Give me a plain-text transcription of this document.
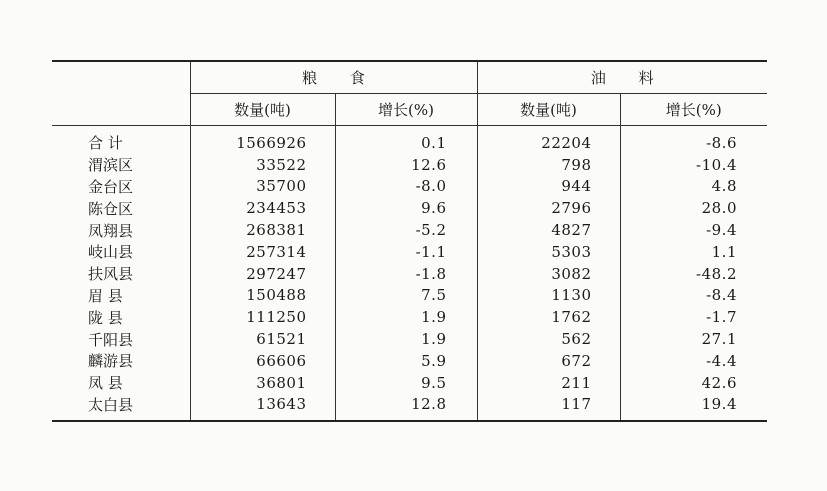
	粮 食		油 料	
	数量(吨)	增长(%)	数量(吨)	增长(%)
合 计	1566926	0.1	22204	-8.6
渭滨区	33522	12.6	798	-10.4
金台区	35700	-8.0	944	4.8
陈仓区	234453	9.6	2796	28.0
凤翔县	268381	-5.2	4827	-9.4
岐山县	257314	-1.1	5303	1.1
扶风县	297247	-1.8	3082	-48.2
眉 县	150488	7.5	1130	-8.4
陇 县	111250	1.9	1762	-1.7
千阳县	61521	1.9	562	27.1
麟游县	66606	5.9	672	-4.4
凤 县	36801	9.5	211	42.6
太白县	13643	12.8	117	19.4
